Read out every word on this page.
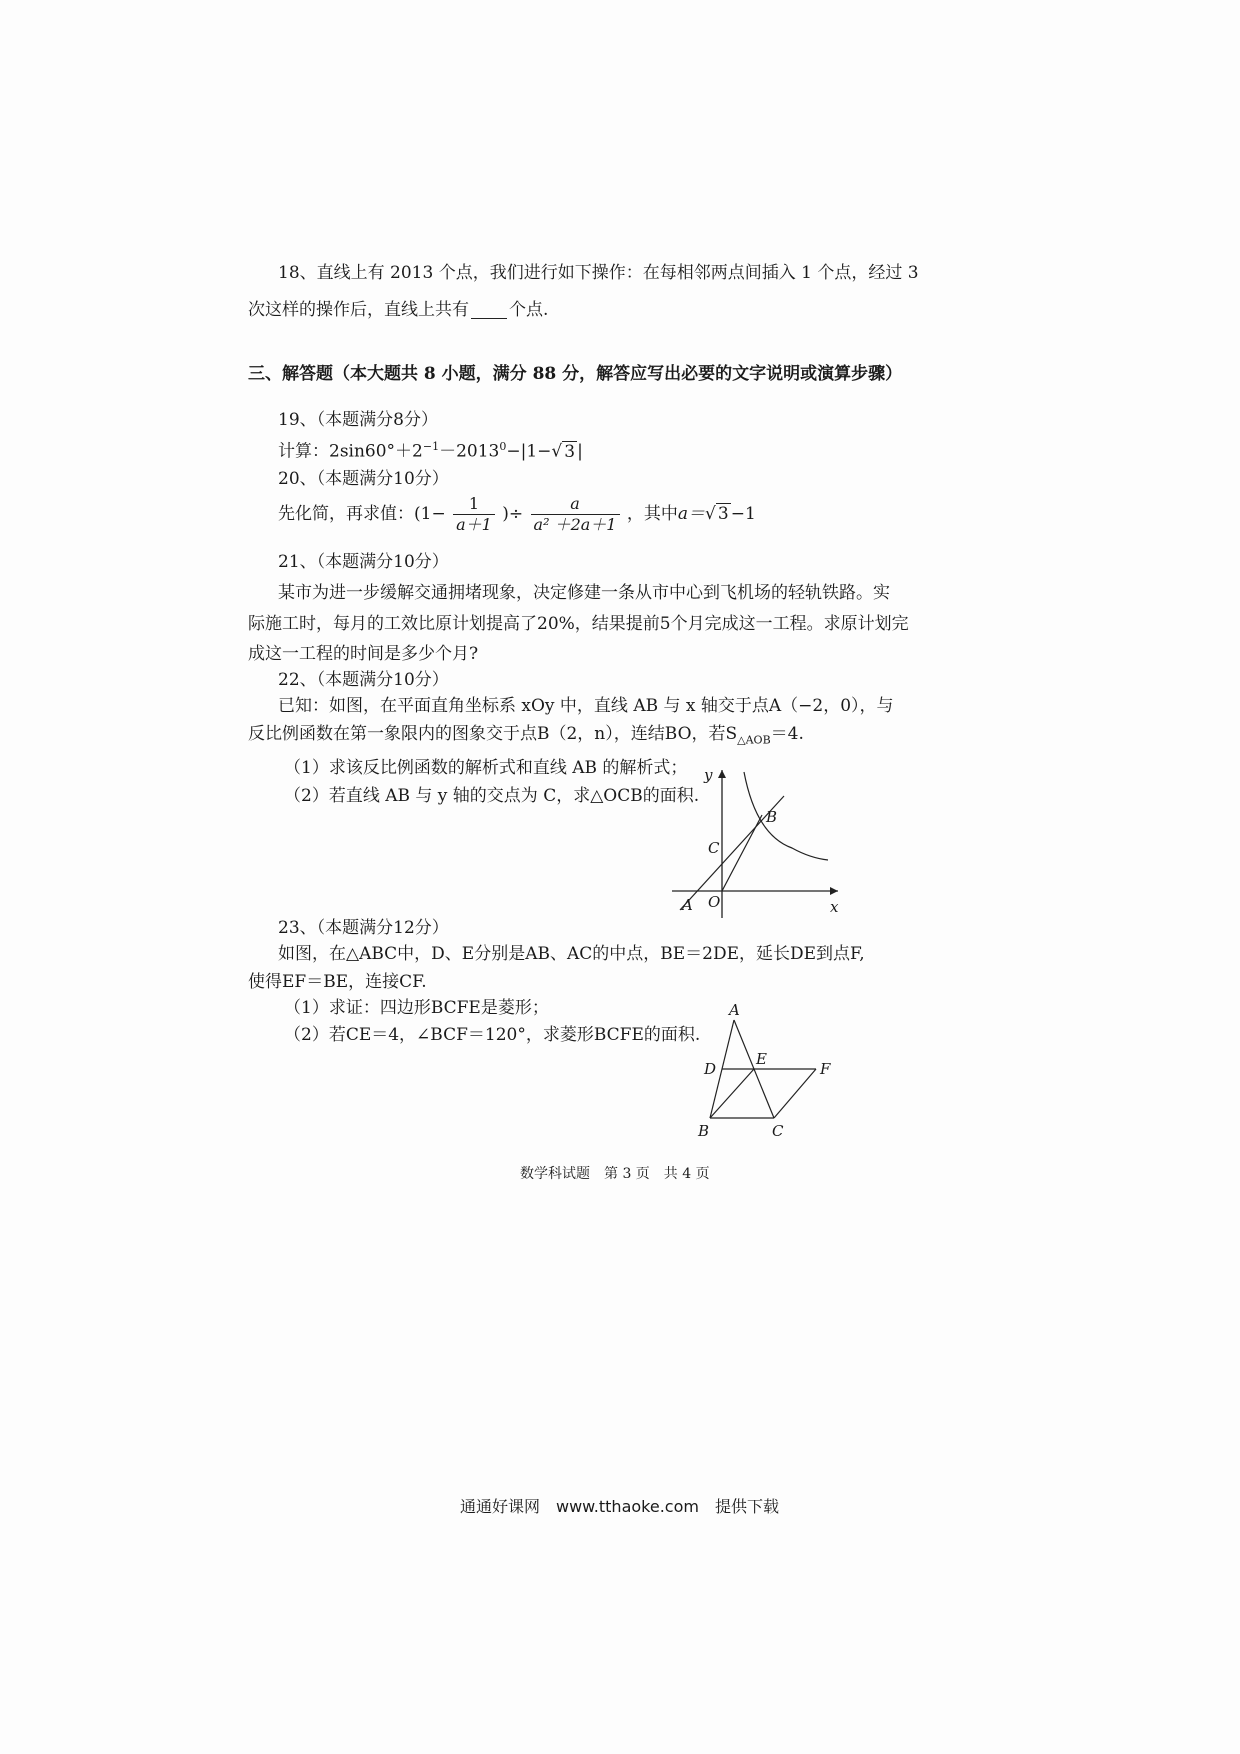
18、直线上有 2013 个点，我们进行如下操作：在每相邻两点间插入 1 个点，经过 3
次这样的操作后，直线上共有 个点.
三、解答题（本大题共 8 小题，满分 88 分，解答应写出必要的文字说明或演算步骤）
19、（本题满分8分）
计算：$2\sin 60^\circ+2^{-1}-2013^0-|1-√$ 3 |
20、（本题满分10分）
先化简，再求值：($1- \frac{1}{a+1}$ )÷ $\frac{a}{\text{a² ＋2a＋1}}$ ，其中a＝√ 3 −1
21、（本题满分10分）
某市为进一步缓解交通拥堵现象，决定修建一条从市中心到飞机场的轻轨铁路。实
际施工时，每月的工效比原计划提高了20%，结果提前5个月完成这一工程。求原计划完
成这一工程的时间是多少个月?
22、（本题满分10分）
已知：如图，在平面直角坐标系 xOy 中，直线 AB 与 x 轴交于点A（−2，0），与
反比例函数在第一象限内的图象交于点B（2，n），连结BO，若$S_{\triangle AOB}=4$.
（1）求该反比例函数的解析式和直线 AB 的解析式；
（2）若直线 AB 与 y 轴的交点为 C，求△OCB的面积.
y
x
A O
B
C
23、（本题满分12分）
如图，在△ABC中，D、E分别是AB、AC的中点，BE＝2DE，延长DE到点F,
使得EF＝BE，连接CF.
（1）求证：四边形BCFE是菱形；
（2）若CE＝4，∠BCF＝120°，求菱形BCFE的面积.
A
D
E
F
B	C
数学科试题　第 3 页　共 4 页
通通好课网　www.tthaoke.com　提供下载
